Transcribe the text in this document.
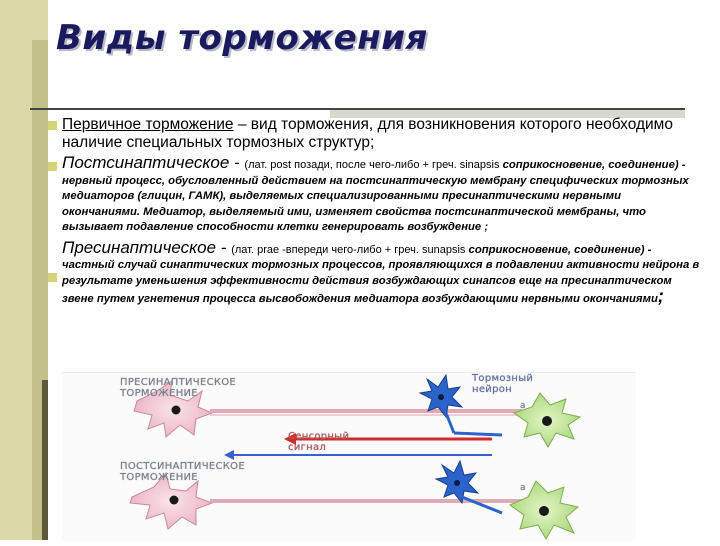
Виды торможения

Первичное торможение – вид торможения, для возникновения которого необходимо наличие специальных тормозных структур;

Постсинаптическое - (лат. post позади, после чего-либо + греч. sinapsis соприкосновение, соединение) - нервный процесс, обусловленный действием на постсинаптическую мембрану специфических тормозных медиаторов (глицин, ГАМК), выделяемых специализированными пресинаптическими нервными окончаниями. Медиатор, выделяемый ими, изменяет свойства постсинаптической мембраны, что вызывает подавление способности клетки генерировать возбуждение ;

Пресинаптическое - (лат. prae -впереди чего-либо + греч. sunapsis соприкосновение, соединение) - частный случай синаптических тормозных процессов, проявляющихся в подавлении активности нейрона в результате уменьшения эффективности действия возбуждающих синапсов еще на пресинаптическом звене путем угнетения процесса высвобождения медиатора возбуждающими нервными окончаниями;

ПРЕСИНАПТИЧЕСКОЕ
ТОРМОЖЕНИЕ
Тормозный
нейрон
Сенсорный
сигнал
ПОСТСИНАПТИЧЕСКОЕ
ТОРМОЖЕНИЕ
а
а
